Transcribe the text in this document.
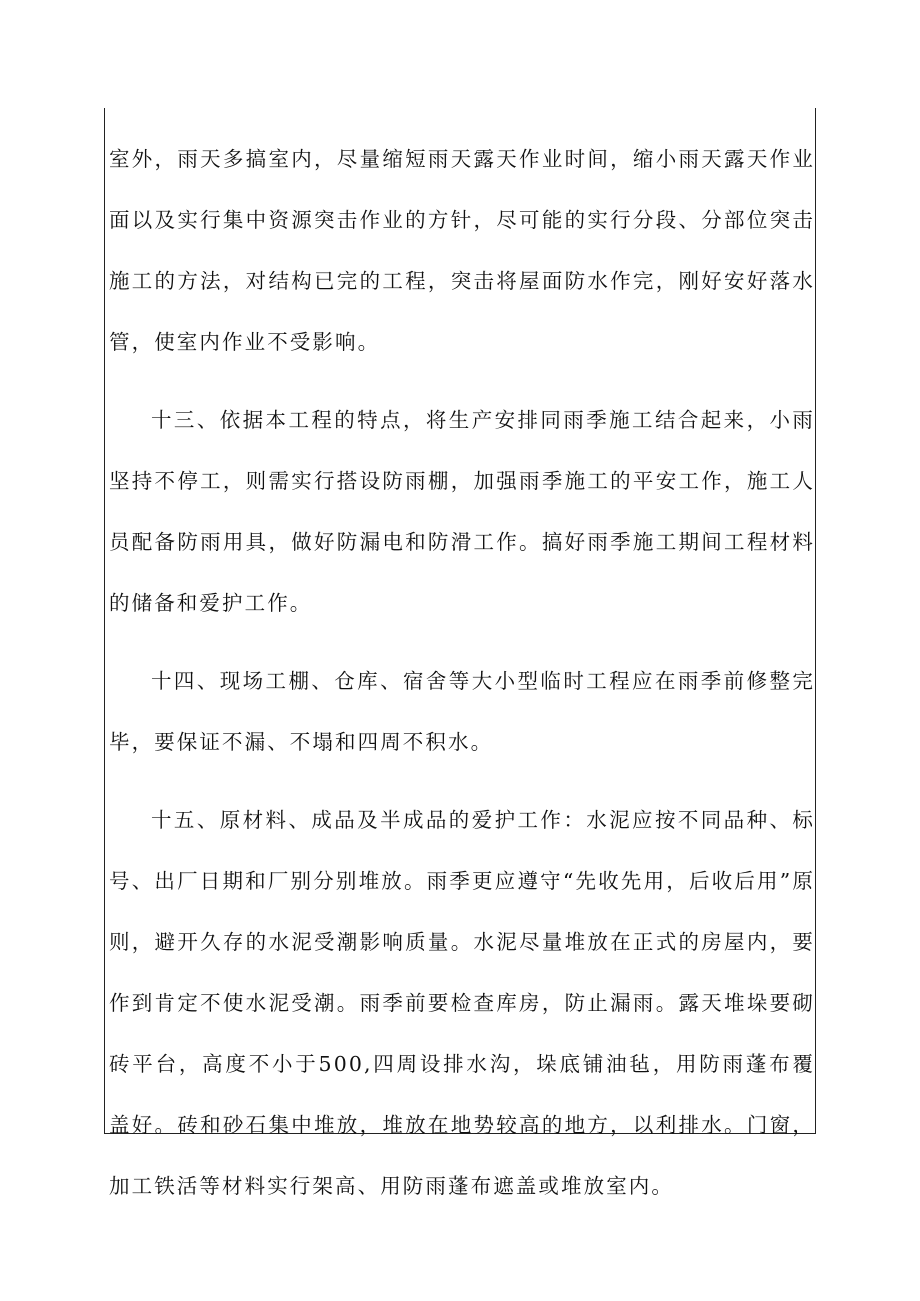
室外，雨天多搞室内，尽量缩短雨天露天作业时间，缩小雨天露天作业面以及实行集中资源突击作业的方针，尽可能的实行分段、分部位突击施工的方法，对结构已完的工程，突击将屋面防水作完，刚好安好落水管，使室内作业不受影响。

十三、依据本工程的特点，将生产安排同雨季施工结合起来，小雨坚持不停工，则需实行搭设防雨棚，加强雨季施工的平安工作，施工人员配备防雨用具，做好防漏电和防滑工作。搞好雨季施工期间工程材料的储备和爱护工作。

十四、现场工棚、仓库、宿舍等大小型临时工程应在雨季前修整完毕，要保证不漏、不塌和四周不积水。

十五、原材料、成品及半成品的爱护工作：水泥应按不同品种、标号、出厂日期和厂别分别堆放。雨季更应遵守“先收先用，后收后用”原则，避开久存的水泥受潮影响质量。水泥尽量堆放在正式的房屋内，要作到肯定不使水泥受潮。雨季前要检查库房，防止漏雨。露天堆垛要砌砖平台，高度不小于500,四周设排水沟，垛底铺油毡，用防雨蓬布覆盖好。砖和砂石集中堆放，堆放在地势较高的地方，以利排水。门窗，加工铁活等材料实行架高、用防雨蓬布遮盖或堆放室内。
